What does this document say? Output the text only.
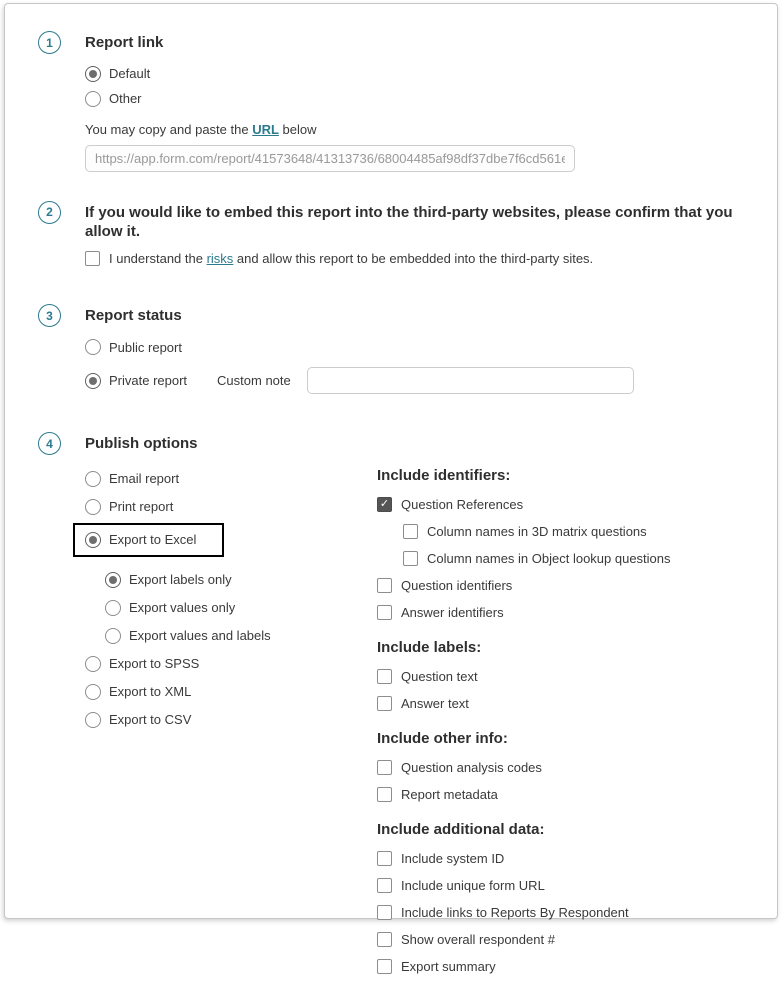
1	Report link
Default
Other
You may copy and paste the URL below
https://app.form.com/report/41573648/41313736/68004485af98df37dbe7f6cd561e
2	If you would like to embed this report into the third-party websites, please confirm that you allow it.
I understand the risks and allow this report to be embedded into the third-party sites.
3	Report status
Public report
Private report Custom note
4	Publish options
Email report
Print report
Export to Excel
Export labels only
Export values only
Export values and labels
Export to SPSS
Export to XML
Export to CSV
Include identifiers:
✓
Question References
Column names in 3D matrix questions
Column names in Object lookup questions
Question identifiers
Answer identifiers
Include labels:
Question text
Answer text
Include other info:
Question analysis codes
Report metadata
Include additional data:
Include system ID
Include unique form URL
Include links to Reports By Respondent
Show overall respondent #
Export summary
